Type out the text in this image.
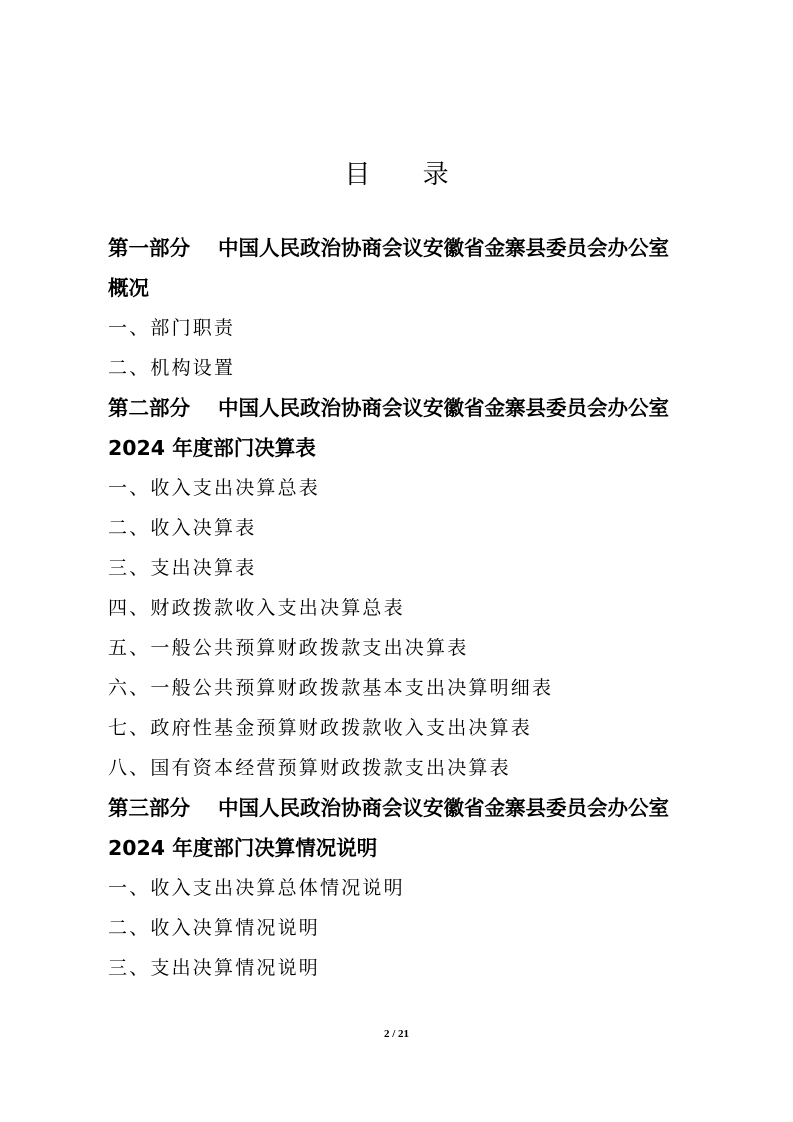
目 录

第一部分 中国人民政治协商会议安徽省金寨县委员会办公室

概况

一、部门职责

二、机构设置

第二部分 中国人民政治协商会议安徽省金寨县委员会办公室

2024 年度部门决算表

一、收入支出决算总表

二、收入决算表

三、支出决算表

四、财政拨款收入支出决算总表

五、一般公共预算财政拨款支出决算表

六、一般公共预算财政拨款基本支出决算明细表

七、政府性基金预算财政拨款收入支出决算表

八、国有资本经营预算财政拨款支出决算表

第三部分 中国人民政治协商会议安徽省金寨县委员会办公室

2024 年度部门决算情况说明

一、收入支出决算总体情况说明

二、收入决算情况说明

三、支出决算情况说明

2 / 21
